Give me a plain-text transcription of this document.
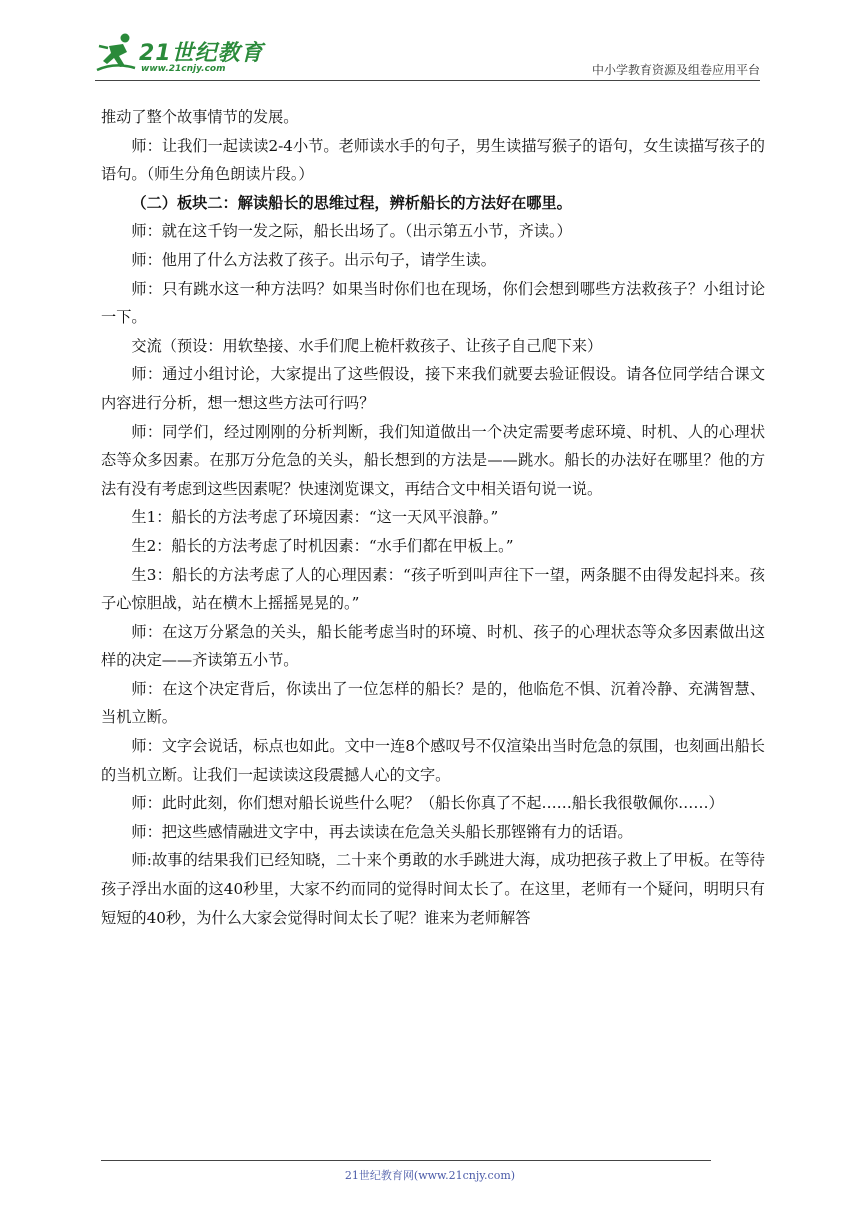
21世纪教育
www.21cnjy.com	中小学教育资源及组卷应用平台

推动了整个故事情节的发展。

师：让我们一起读读2-4小节。老师读水手的句子，男生读描写猴子的语句，女生读描写孩子的语句。（师生分角色朗读片段。）

（二）板块二：解读船长的思维过程，辨析船长的方法好在哪里。

师：就在这千钧一发之际，船长出场了。（出示第五小节，齐读。）

师：他用了什么方法救了孩子。出示句子，请学生读。

师：只有跳水这一种方法吗？如果当时你们也在现场，你们会想到哪些方法救孩子？小组讨论一下。

交流（预设：用软垫接、水手们爬上桅杆救孩子、让孩子自己爬下来）

师：通过小组讨论，大家提出了这些假设，接下来我们就要去验证假设。请各位同学结合课文内容进行分析，想一想这些方法可行吗？

师：同学们，经过刚刚的分析判断，我们知道做出一个决定需要考虑环境、时机、人的心理状态等众多因素。在那万分危急的关头，船长想到的方法是——跳水。船长的办法好在哪里？他的方法有没有考虑到这些因素呢？快速浏览课文，再结合文中相关语句说一说。

生1：船长的方法考虑了环境因素：“这一天风平浪静。”

生2：船长的方法考虑了时机因素：“水手们都在甲板上。”

生3：船长的方法考虑了人的心理因素：“孩子听到叫声往下一望，两条腿不由得发起抖来。孩子心惊胆战，站在横木上摇摇晃晃的。”

师：在这万分紧急的关头，船长能考虑当时的环境、时机、孩子的心理状态等众多因素做出这样的决定——齐读第五小节。

师：在这个决定背后，你读出了一位怎样的船长？是的，他临危不惧、沉着冷静、充满智慧、当机立断。

师：文字会说话，标点也如此。文中一连8个感叹号不仅渲染出当时危急的氛围，也刻画出船长的当机立断。让我们一起读读这段震撼人心的文字。

师：此时此刻，你们想对船长说些什么呢？（船长你真了不起……船长我很敬佩你……）

师：把这些感情融进文字中，再去读读在危急关头船长那铿锵有力的话语。

师:故事的结果我们已经知晓，二十来个勇敢的水手跳进大海，成功把孩子救上了甲板。在等待孩子浮出水面的这40秒里，大家不约而同的觉得时间太长了。在这里，老师有一个疑问，明明只有短短的40秒，为什么大家会觉得时间太长了呢？谁来为老师解答

21世纪教育网(www.21cnjy.com)
